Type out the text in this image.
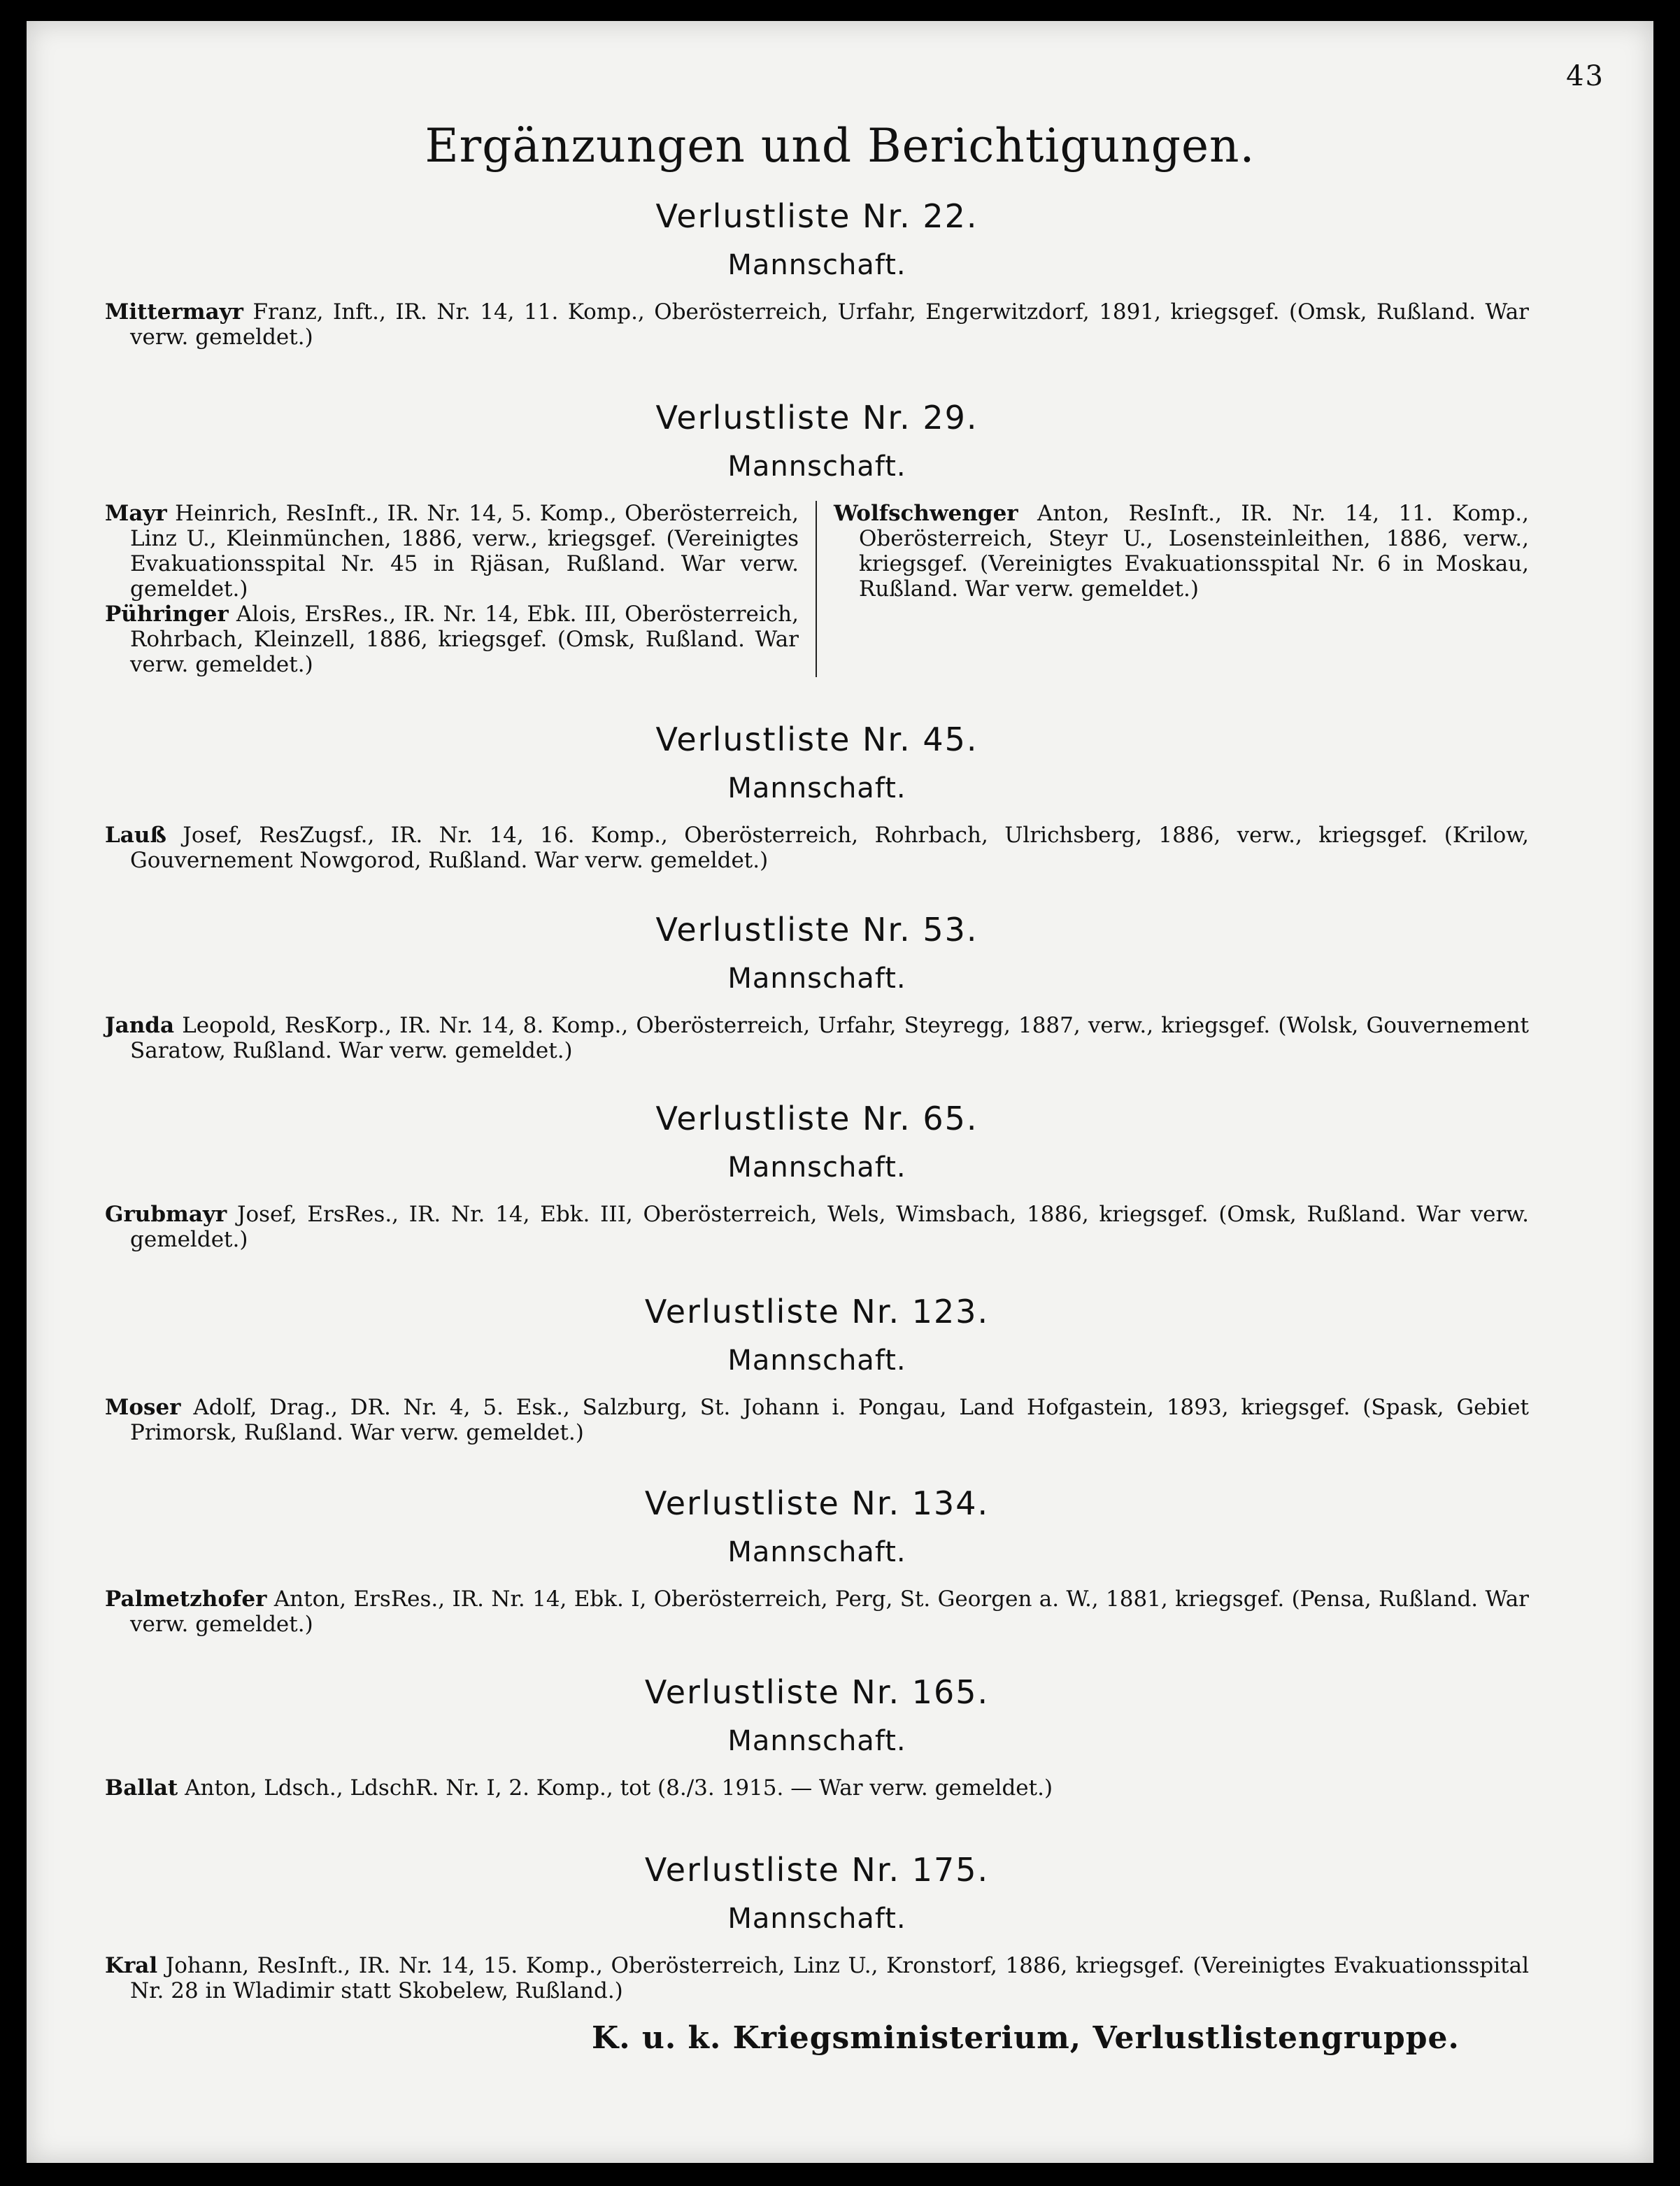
43
Ergänzungen und Berichtigungen.
Verlustliste Nr. 22.
Mannschaft.

Mittermayr Franz, Inft., IR. Nr. 14, 11. Komp., Oberösterreich, Urfahr, Engerwitzdorf, 1891, kriegsgef. (Omsk, Rußland. War verw. gemeldet.)

Verlustliste Nr. 29.
Mannschaft.

Mayr Heinrich, ResInft., IR. Nr. 14, 5. Komp., Oberösterreich, Linz U., Kleinmünchen, 1886, verw., kriegsgef. (Vereinigtes Evakuationsspital Nr. 45 in Rjäsan, Rußland. War verw. gemeldet.)

Pühringer Alois, ErsRes., IR. Nr. 14, Ebk. III, Oberösterreich, Rohrbach, Kleinzell, 1886, kriegsgef. (Omsk, Rußland. War verw. gemeldet.)

Wolfschwenger Anton, ResInft., IR. Nr. 14, 11. Komp., Oberösterreich, Steyr U., Losensteinleithen, 1886, verw., kriegsgef. (Vereinigtes Evakuationsspital Nr. 6 in Moskau, Rußland. War verw. gemeldet.)

Verlustliste Nr. 45.
Mannschaft.

Lauß Josef, ResZugsf., IR. Nr. 14, 16. Komp., Oberösterreich, Rohrbach, Ulrichsberg, 1886, verw., kriegsgef. (Krilow, Gouvernement Nowgorod, Rußland. War verw. gemeldet.)

Verlustliste Nr. 53.
Mannschaft.

Janda Leopold, ResKorp., IR. Nr. 14, 8. Komp., Oberösterreich, Urfahr, Steyregg, 1887, verw., kriegsgef. (Wolsk, Gouvernement Saratow, Rußland. War verw. gemeldet.)

Verlustliste Nr. 65.
Mannschaft.

Grubmayr Josef, ErsRes., IR. Nr. 14, Ebk. III, Oberösterreich, Wels, Wimsbach, 1886, kriegsgef. (Omsk, Rußland. War verw. gemeldet.)

Verlustliste Nr. 123.
Mannschaft.

Moser Adolf, Drag., DR. Nr. 4, 5. Esk., Salzburg, St. Johann i. Pongau, Land Hofgastein, 1893, kriegsgef. (Spask, Gebiet Primorsk, Rußland. War verw. gemeldet.)

Verlustliste Nr. 134.
Mannschaft.

Palmetzhofer Anton, ErsRes., IR. Nr. 14, Ebk. I, Oberösterreich, Perg, St. Georgen a. W., 1881, kriegsgef. (Pensa, Rußland. War verw. gemeldet.)

Verlustliste Nr. 165.
Mannschaft.

Ballat Anton, Ldsch., LdschR. Nr. I, 2. Komp., tot (8./3. 1915. — War verw. gemeldet.)

Verlustliste Nr. 175.
Mannschaft.

Kral Johann, ResInft., IR. Nr. 14, 15. Komp., Oberösterreich, Linz U., Kronstorf, 1886, kriegsgef. (Vereinigtes Evakuationsspital Nr. 28 in Wladimir statt Skobelew, Rußland.)

K. u. k. Kriegsministerium, Verlustlistengruppe.
